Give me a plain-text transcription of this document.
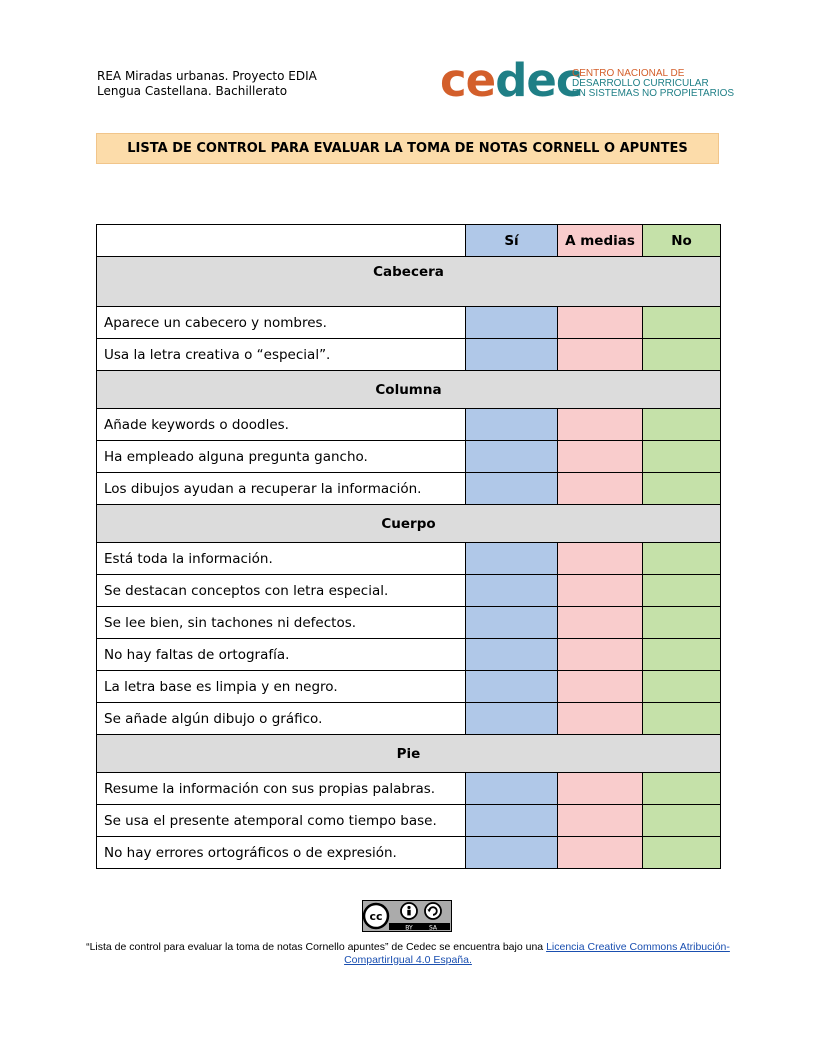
REA Miradas urbanas. Proyecto EDIA
Lengua Castellana. Bachillerato	cedec
CENTRO NACIONAL DE
DESARROLLO CURRICULAR
EN SISTEMAS NO PROPIETARIOS
LISTA DE CONTROL PARA EVALUAR LA TOMA DE NOTAS CORNELL O APUNTES
	Sí	A medias	No
Cabecera			
Aparece un cabecero y nombres.			
Usa la letra creativa o “especial”.			
Columna			
Añade keywords o doodles.			
Ha empleado alguna pregunta gancho.			
Los dibujos ayudan a recuperar la información.			
Cuerpo			
Está toda la información.			
Se destacan conceptos con letra especial.			
Se lee bien, sin tachones ni defectos.			
No hay faltas de ortografía.			
La letra base es limpia y en negro.			
Se añade algún dibujo o gráfico.			
Pie			
Resume la información con sus propias palabras.			
Se usa el presente atemporal como tiempo base.			
No hay errores ortográficos o de expresión.			
cc
BY	SA
“Lista de control para evaluar la toma de notas Cornello apuntes” de Cedec se encuentra bajo una Licencia Creative Commons Atribución-CompartirIgual 4.0 España.
